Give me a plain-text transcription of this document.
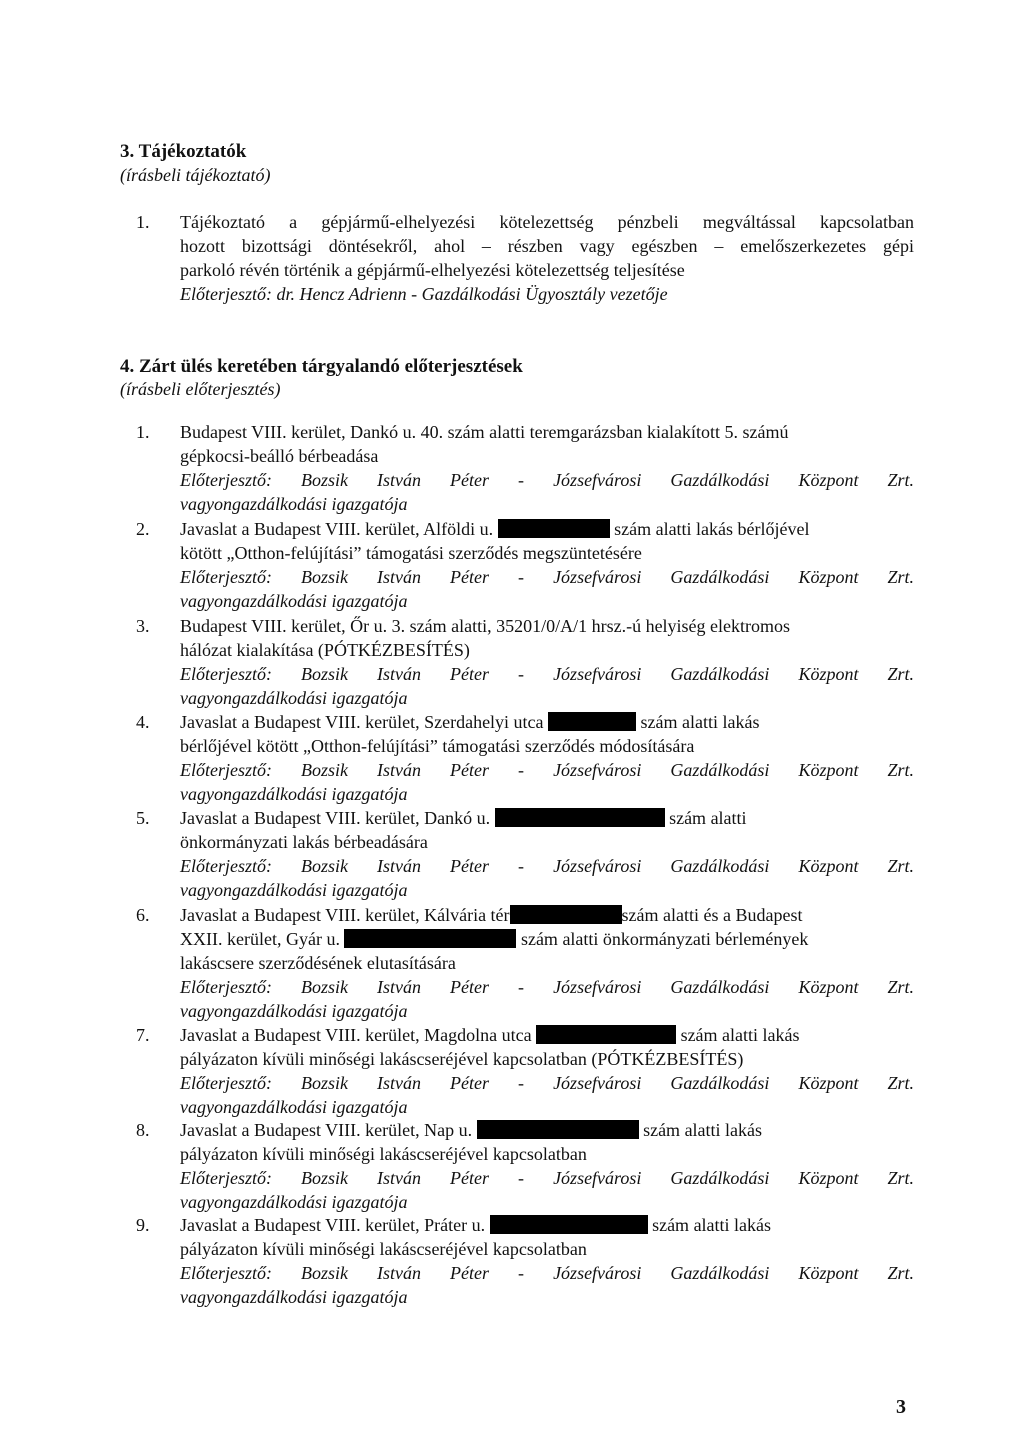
3. Tájékoztatók
(írásbeli tájékoztató)
1.	Tájékoztató a gépjármű-elhelyezési kötelezettség pénzbeli megváltással kapcsolatban
hozott bizottsági döntésekről, ahol – részben vagy egészben – emelőszerkezetes gépi
parkoló révén történik a gépjármű-elhelyezési kötelezettség teljesítése
Előterjesztő: dr. Hencz Adrienn - Gazdálkodási Ügyosztály vezetője
4. Zárt ülés keretében tárgyalandó előterjesztések
(írásbeli előterjesztés)
1.	Budapest VIII. kerület, Dankó u. 40. szám alatti teremgarázsban kialakított 5. számú
gépkocsi-beálló bérbeadása
Előterjesztő: Bozsik István Péter - Józsefvárosi Gazdálkodási Központ Zrt.
vagyongazdálkodási igazgatója
2.	Javaslat a Budapest VIII. kerület, Alföldi u.	szám alatti lakás bérlőjével
kötött „Otthon-felújítási” támogatási szerződés megszüntetésére
Előterjesztő: Bozsik István Péter - Józsefvárosi Gazdálkodási Központ Zrt.
vagyongazdálkodási igazgatója
3.	Budapest VIII. kerület, Őr u. 3. szám alatti, 35201/0/A/1 hrsz.-ú helyiség elektromos
hálózat kialakítása (PÓTKÉZBESÍTÉS)
Előterjesztő: Bozsik István Péter - Józsefvárosi Gazdálkodási Központ Zrt.
vagyongazdálkodási igazgatója
4.	Javaslat a Budapest VIII. kerület, Szerdahelyi utca	szám alatti lakás
bérlőjével kötött „Otthon-felújítási” támogatási szerződés módosítására
Előterjesztő: Bozsik István Péter - Józsefvárosi Gazdálkodási Központ Zrt.
vagyongazdálkodási igazgatója
5.	Javaslat a Budapest VIII. kerület, Dankó u.	szám alatti
önkormányzati lakás bérbeadására
Előterjesztő: Bozsik István Péter - Józsefvárosi Gazdálkodási Központ Zrt.
vagyongazdálkodási igazgatója
6.	Javaslat a Budapest VIII. kerület, Kálvária tér	szám alatti és a Budapest
XXII. kerület, Gyár u.	szám alatti önkormányzati bérlemények
lakáscsere szerződésének elutasítására
Előterjesztő: Bozsik István Péter - Józsefvárosi Gazdálkodási Központ Zrt.
vagyongazdálkodási igazgatója
7.	Javaslat a Budapest VIII. kerület, Magdolna utca	szám alatti lakás
pályázaton kívüli minőségi lakáscseréjével kapcsolatban (PÓTKÉZBESÍTÉS)
Előterjesztő: Bozsik István Péter - Józsefvárosi Gazdálkodási Központ Zrt.
vagyongazdálkodási igazgatója
8.	Javaslat a Budapest VIII. kerület, Nap u.	szám alatti lakás
pályázaton kívüli minőségi lakáscseréjével kapcsolatban
Előterjesztő: Bozsik István Péter - Józsefvárosi Gazdálkodási Központ Zrt.
vagyongazdálkodási igazgatója
9.	Javaslat a Budapest VIII. kerület, Práter u.	szám alatti lakás
pályázaton kívüli minőségi lakáscseréjével kapcsolatban
Előterjesztő: Bozsik István Péter - Józsefvárosi Gazdálkodási Központ Zrt.
vagyongazdálkodási igazgatója
3
